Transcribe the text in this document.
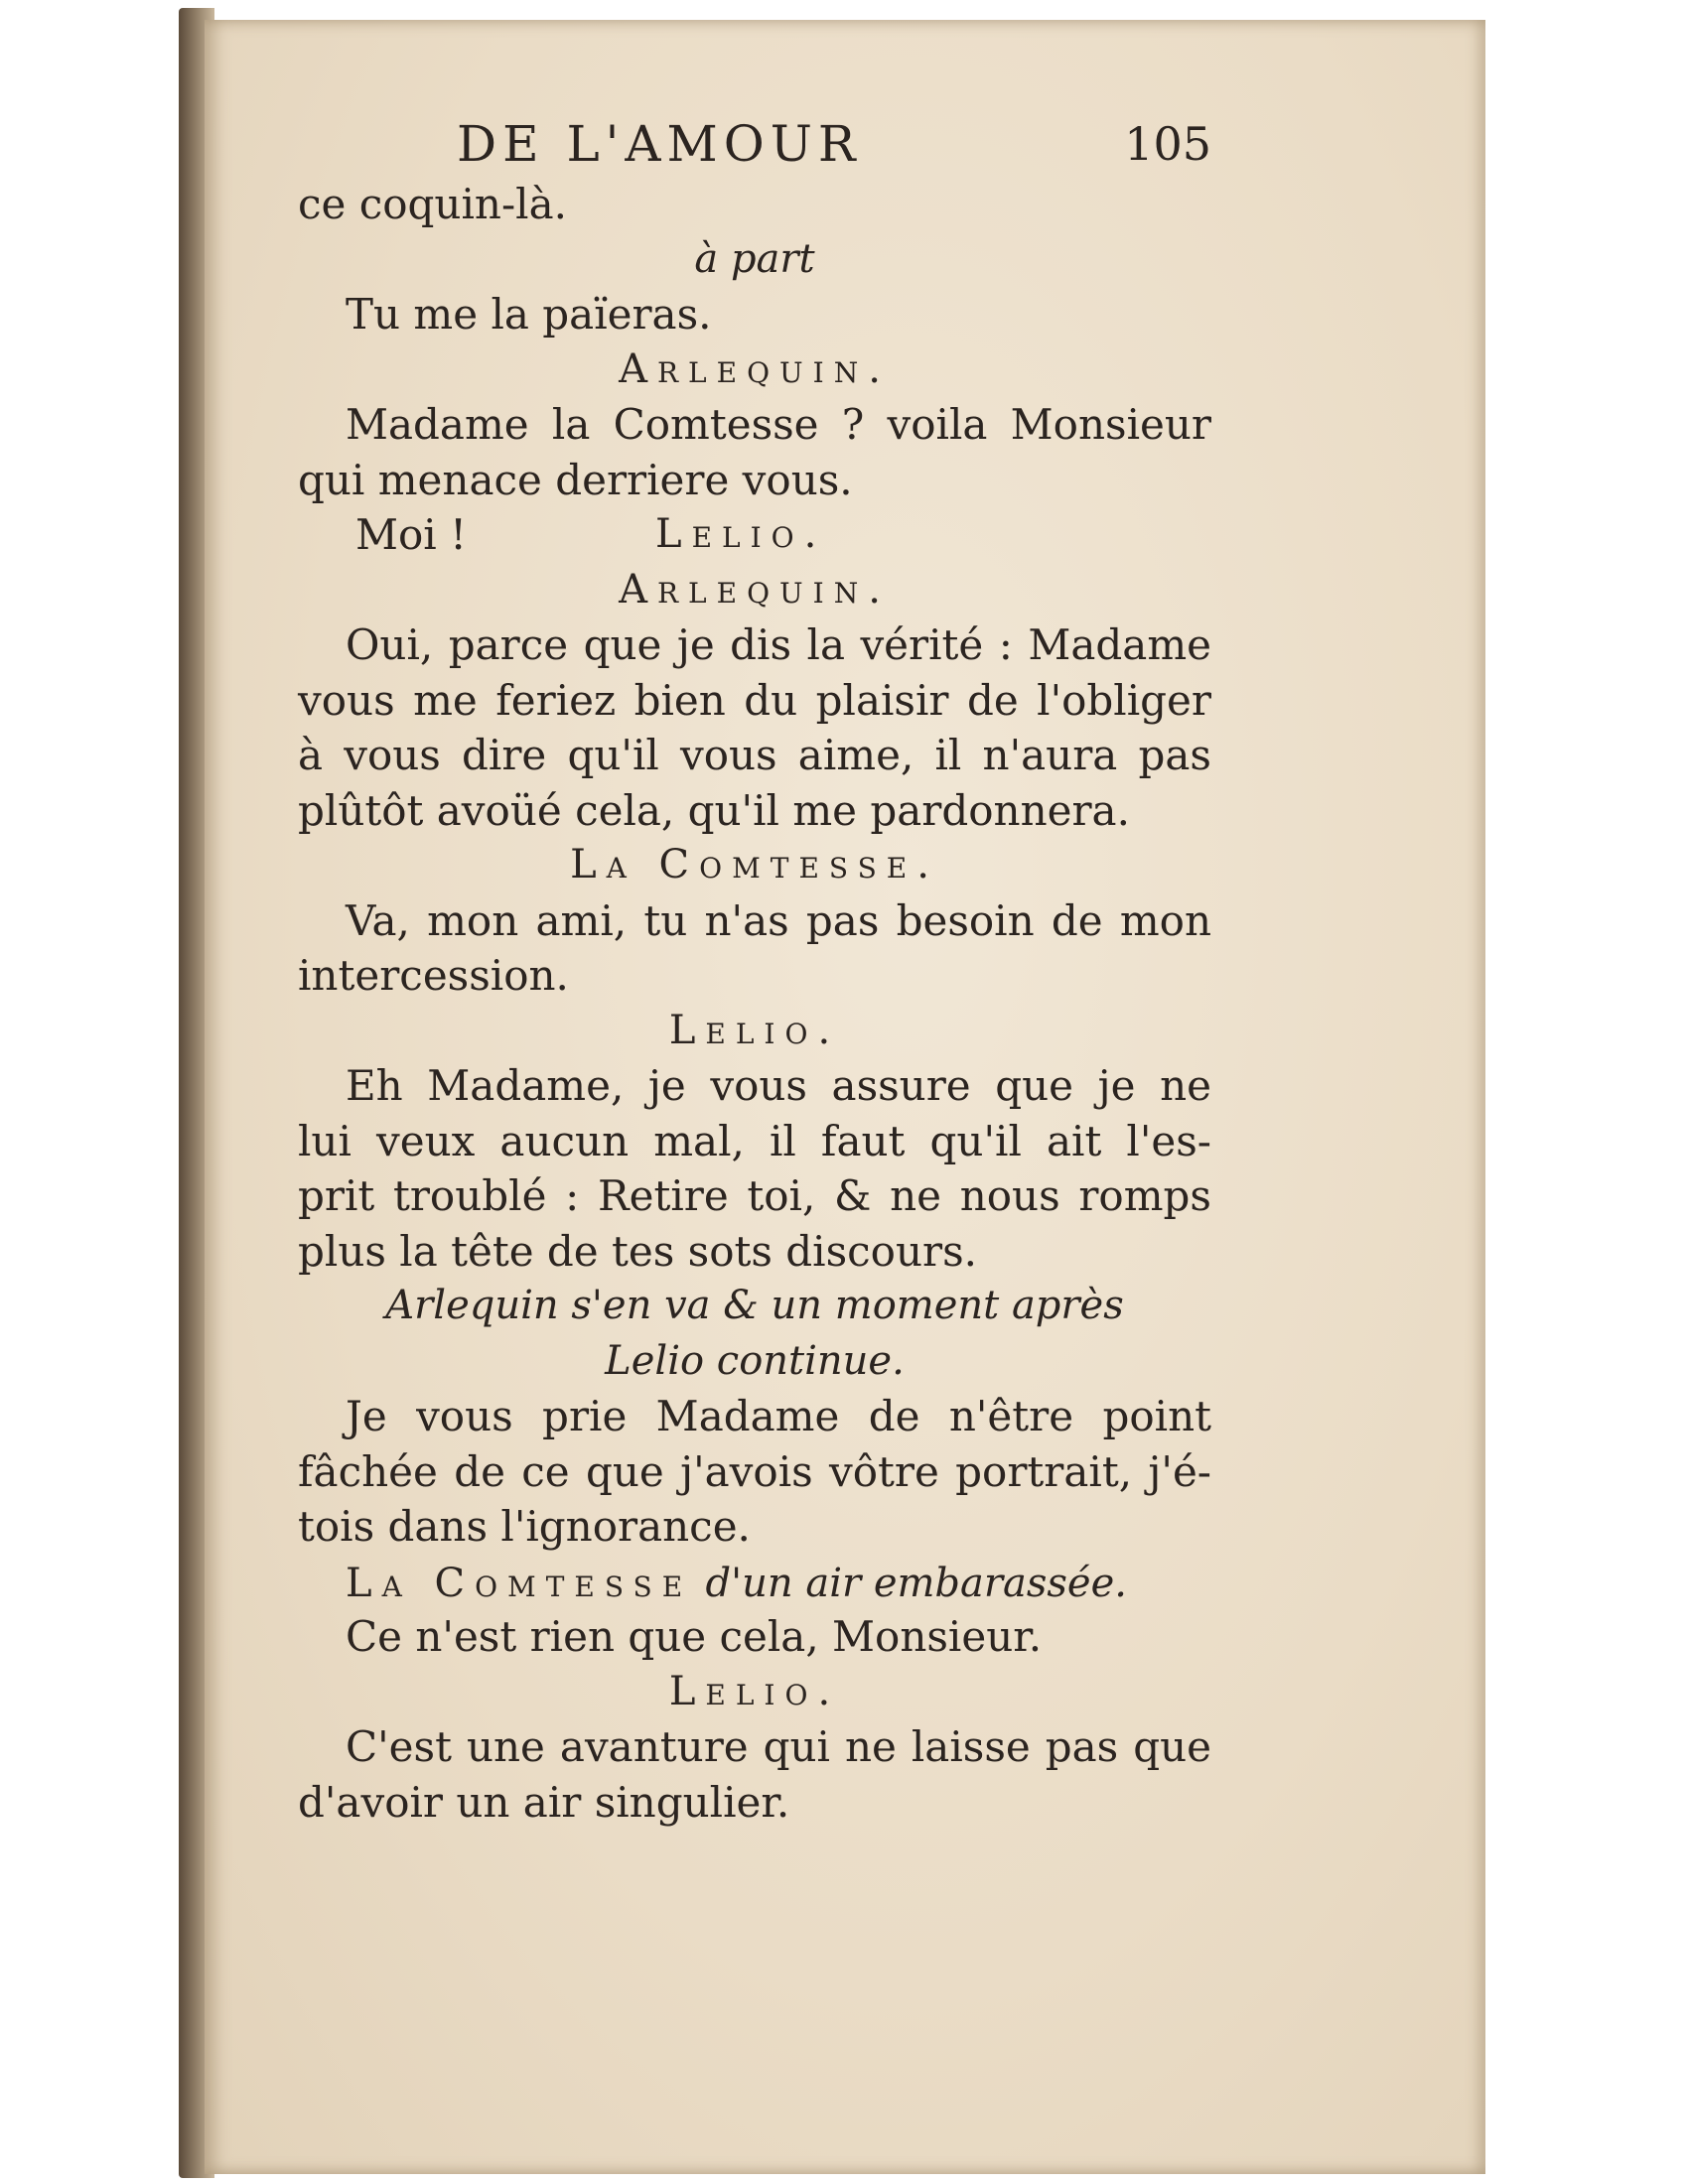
DE L'AMOUR	105
ce coquin-là.
à part
Tu me la païeras.
Arlequin.
Madame la Comtesse ? voila Monsieur
qui menace derriere vous.
Moi !	Lelio.
Arlequin.
Oui, parce que je dis la vérité : Madame
vous me feriez bien du plaisir de l'obliger
à vous dire qu'il vous aime, il n'aura pas
plûtôt avoüé cela, qu'il me pardonnera.
La Comtesse.
Va, mon ami, tu n'as pas besoin de mon
intercession.
Lelio.
Eh Madame, je vous assure que je ne
lui veux aucun mal, il faut qu'il ait l'es-
prit troublé : Retire toi, & ne nous romps
plus la tête de tes sots discours.
Arlequin s'en va & un moment après
Lelio continue.
Je vous prie Madame de n'être point
fâchée de ce que j'avois vôtre portrait, j'é-
tois dans l'ignorance.
La Comtesse d'un air embarassée.
Ce n'est rien que cela, Monsieur.
Lelio.
C'est une avanture qui ne laisse pas que
d'avoir un air singulier.
